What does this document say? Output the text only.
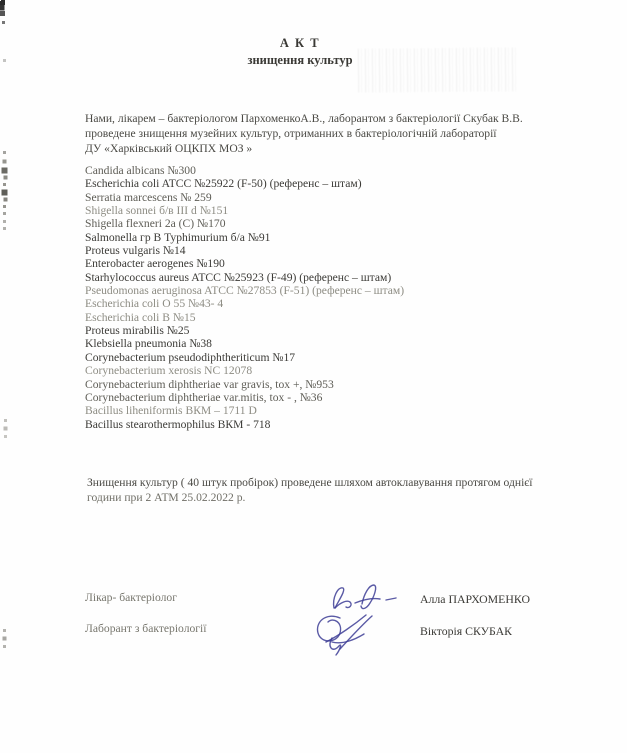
А К Т
знищення культур
Нами, лікарем – бактеріологом ПархоменкоА.В., лаборантом з бактеріології Скубак В.В.
проведене знищення музейних культур, отриманних в бактеріологічній лабораторії
ДУ «Харківський ОЦКПХ МОЗ »
Candida albicans №300
Escherichia coli ATCC №25922 (F-50) (референс – штам)
Serratia marcescens № 259
Shigella sonnei б/в III d №151
Shigella flexneri 2a (C) №170
Salmonella гр В Typhimurium б/а №91
Proteus vulgaris №14
Enterobacter aerogenes №190
Starhylococcus aureus ATCC №25923 (F-49) (референс – штам)
Pseudomonas aeruginosa ATCC №27853 (F-51) (референс – штам)
Escherichia coli O 55 №43- 4
Escherichia coli B №15
Proteus mirabilis №25
Klebsiella pneumonia №38
Corynebacterium pseudodiphtheriticum №17
Corynebacterium xerosis NC 12078
Corynebacterium diphtheriae var gravis, tox +, №953
Corynebacterium diphtheriae var.mitis, tox - , №36
Bacillus liheniformis ВКМ – 1711 D
Bacillus stearothermophilus ВКМ - 718
Знищення культур ( 40 штук пробірок) проведене шляхом автоклавування протягом однієї
години при 2 АТМ 25.02.2022 р.
Лікар- бактеріолог
Лаборант з бактеріології
Алла ПАРХОМЕНКО
Вікторія СКУБАК
